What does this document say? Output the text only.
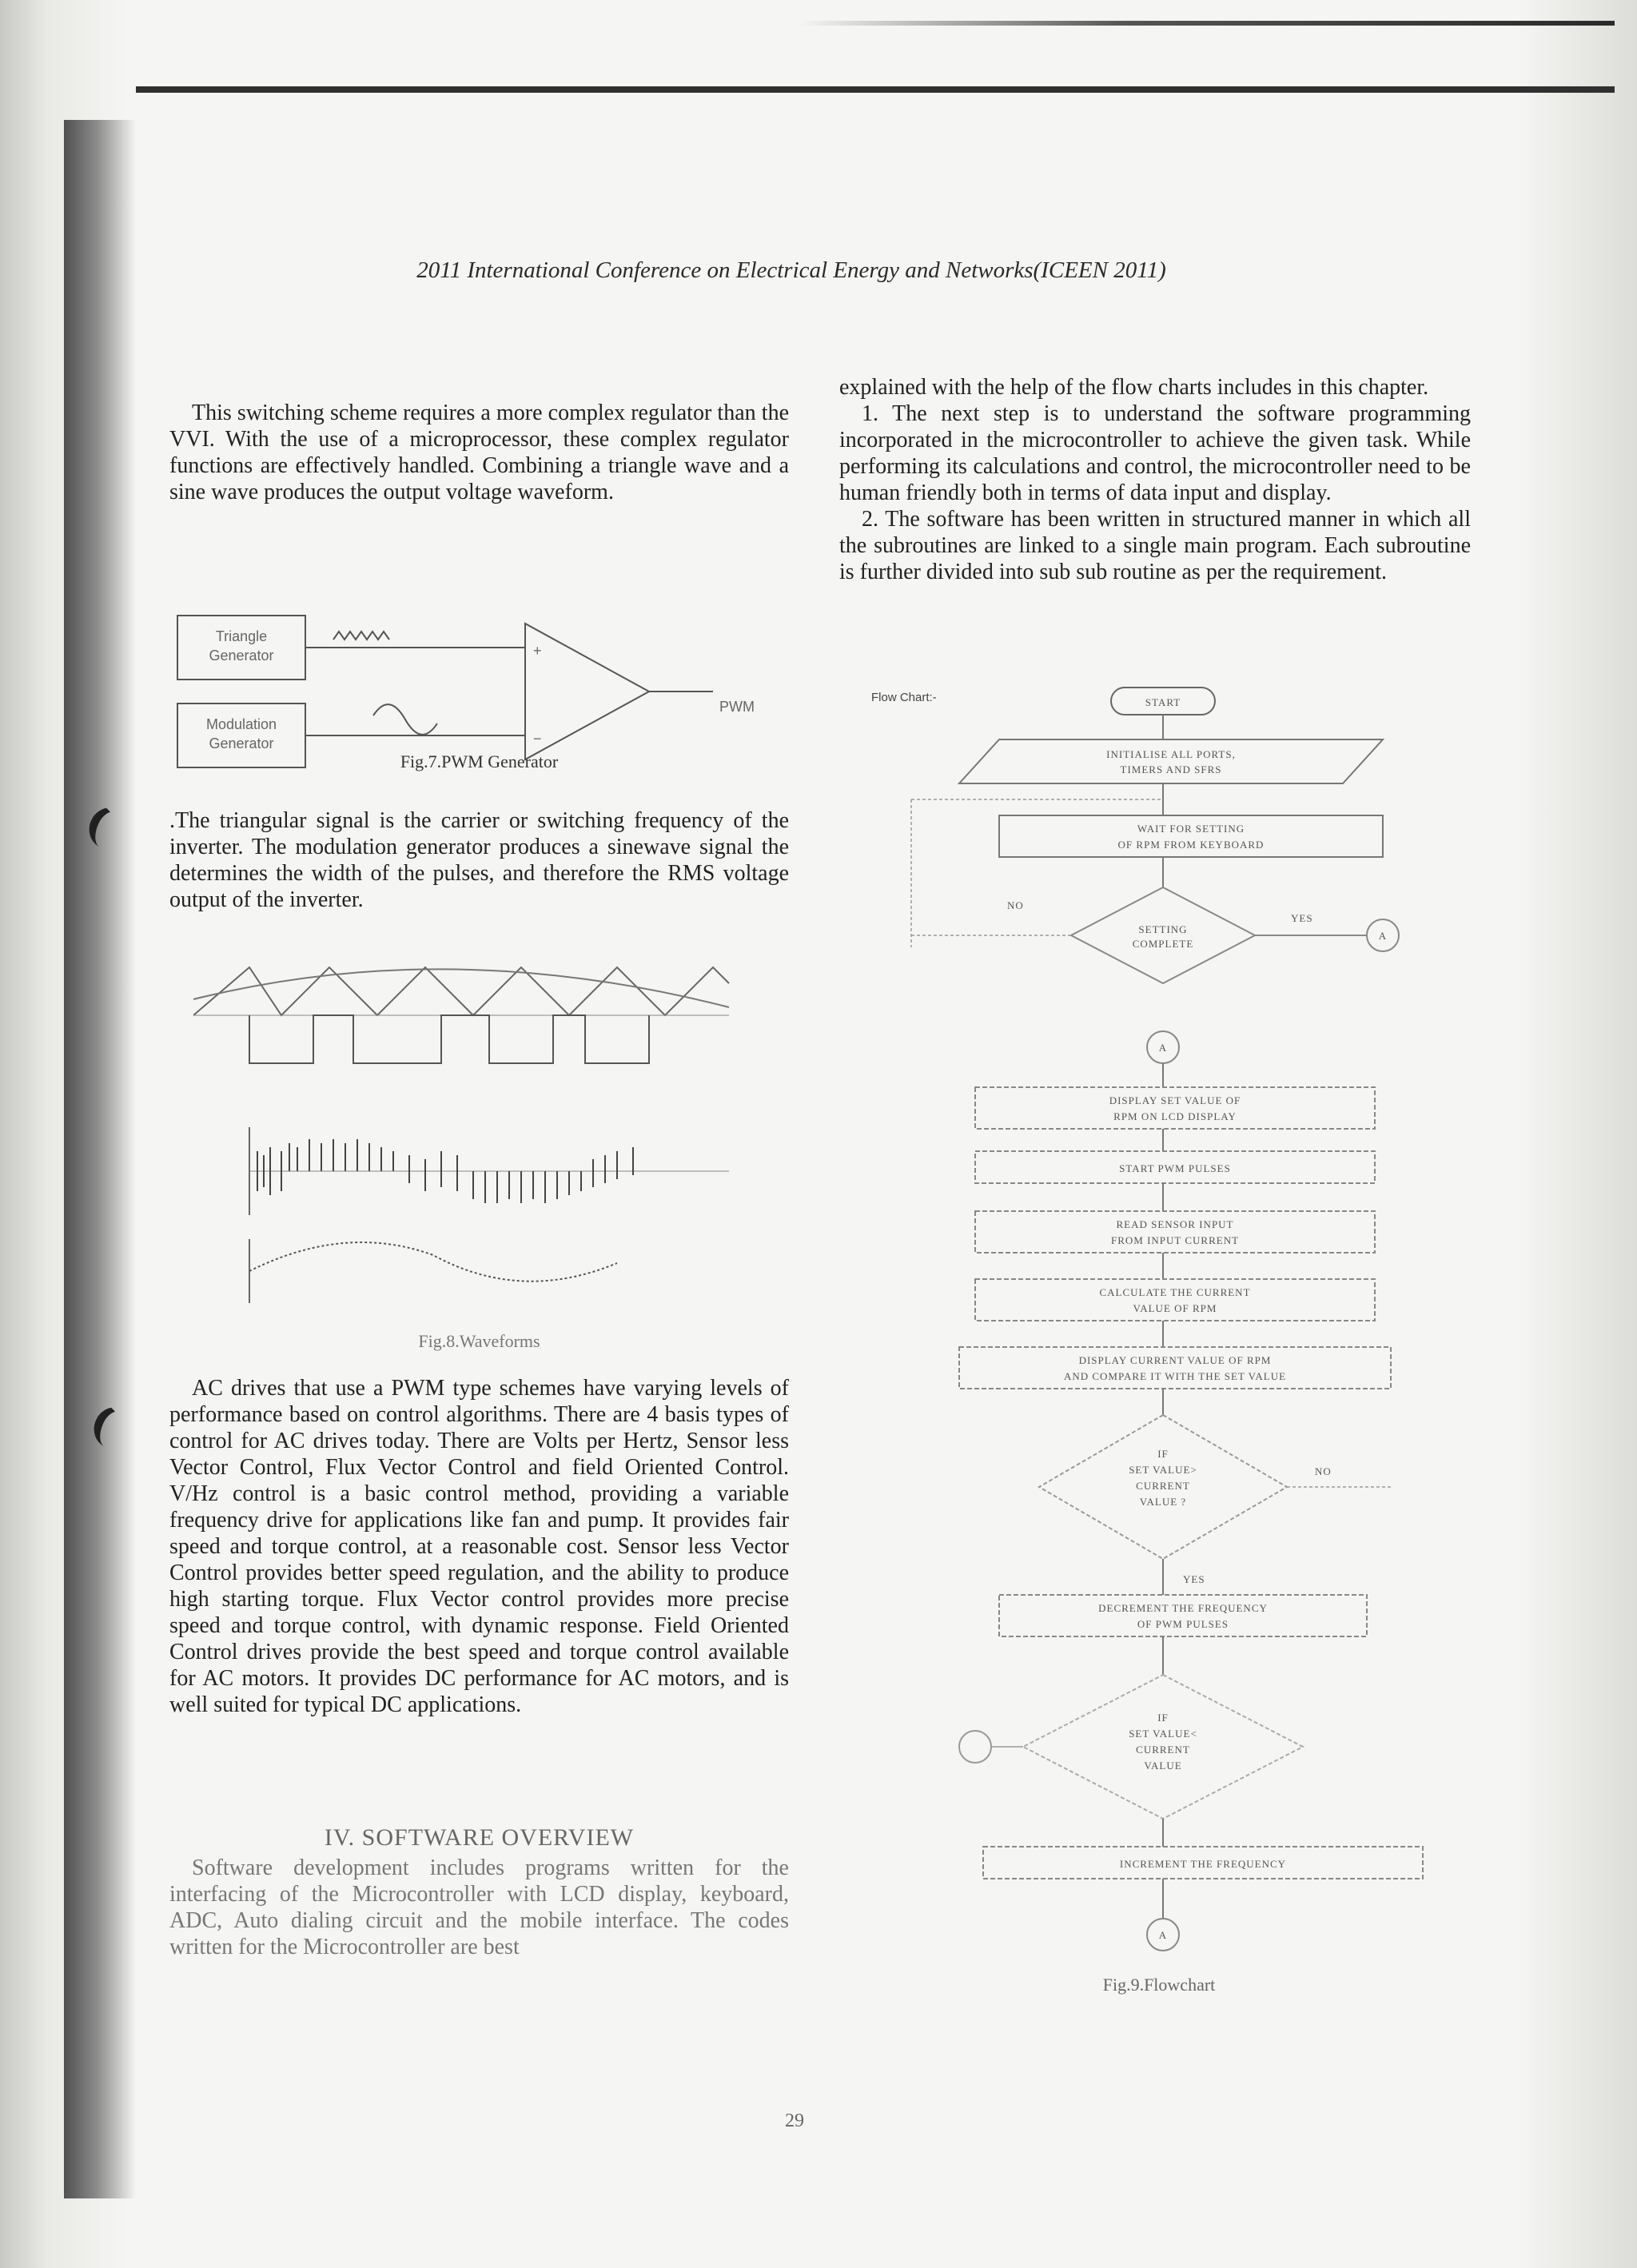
2011 International Conference on Electrical Energy and Networks(ICEEN 2011)

This switching scheme requires a more complex regulator than the VVI. With the use of a microprocessor, these complex regulator functions are effectively handled. Combining a triangle wave and a sine wave produces the output voltage waveform.

Triangle
Generator
Modulation
Generator
+
−
PWM
Fig.7.PWM Generator

.The triangular signal is the carrier or switching frequency of the inverter. The modulation generator produces a sinewave signal the determines the width of the pulses, and therefore the RMS voltage output of the inverter.

Fig.8.Waveforms

AC drives that use a PWM type schemes have varying levels of performance based on control algorithms. There are 4 basis types of control for AC drives today. There are Volts per Hertz, Sensor less Vector Control, Flux Vector Control and field Oriented Control. V/Hz control is a basic control method, providing a variable frequency drive for applications like fan and pump. It provides fair speed and torque control, at a reasonable cost. Sensor less Vector Control provides better speed regulation, and the ability to produce high starting torque. Flux Vector control provides more precise speed and torque control, with dynamic response. Field Oriented Control drives provide the best speed and torque control available for AC motors. It provides DC performance for AC motors, and is well suited for typical DC applications.

IV. SOFTWARE OVERVIEW

Software development includes programs written for the interfacing of the Microcontroller with LCD display, keyboard, ADC, Auto dialing circuit and the mobile interface. The codes written for the Microcontroller are best

explained with the help of the flow charts includes in this chapter.

1. The next step is to understand the software programming incorporated in the microcontroller to achieve the given task. While performing its calculations and control, the microcontroller need to be human friendly both in terms of data input and display.

2. The software has been written in structured manner in which all the subroutines are linked to a single main program. Each subroutine is further divided into sub sub routine as per the requirement.

Flow Chart:-	START
INITIALISE ALL PORTS,
TIMERS AND SFRS
WAIT FOR SETTING
OF RPM FROM KEYBOARD
SETTING
COMPLETE
NO
YES
A
A
DISPLAY SET VALUE OF
RPM ON LCD DISPLAY
START PWM PULSES
READ SENSOR INPUT
FROM INPUT CURRENT
CALCULATE THE CURRENT
VALUE OF RPM
DISPLAY CURRENT VALUE OF RPM
AND COMPARE IT WITH THE SET VALUE
IF
SET VALUE>
CURRENT
VALUE ?
NO
YES
DECREMENT THE FREQUENCY
OF PWM PULSES
IF
SET VALUE<
CURRENT
VALUE
INCREMENT THE FREQUENCY
A
Fig.9.Flowchart
29
